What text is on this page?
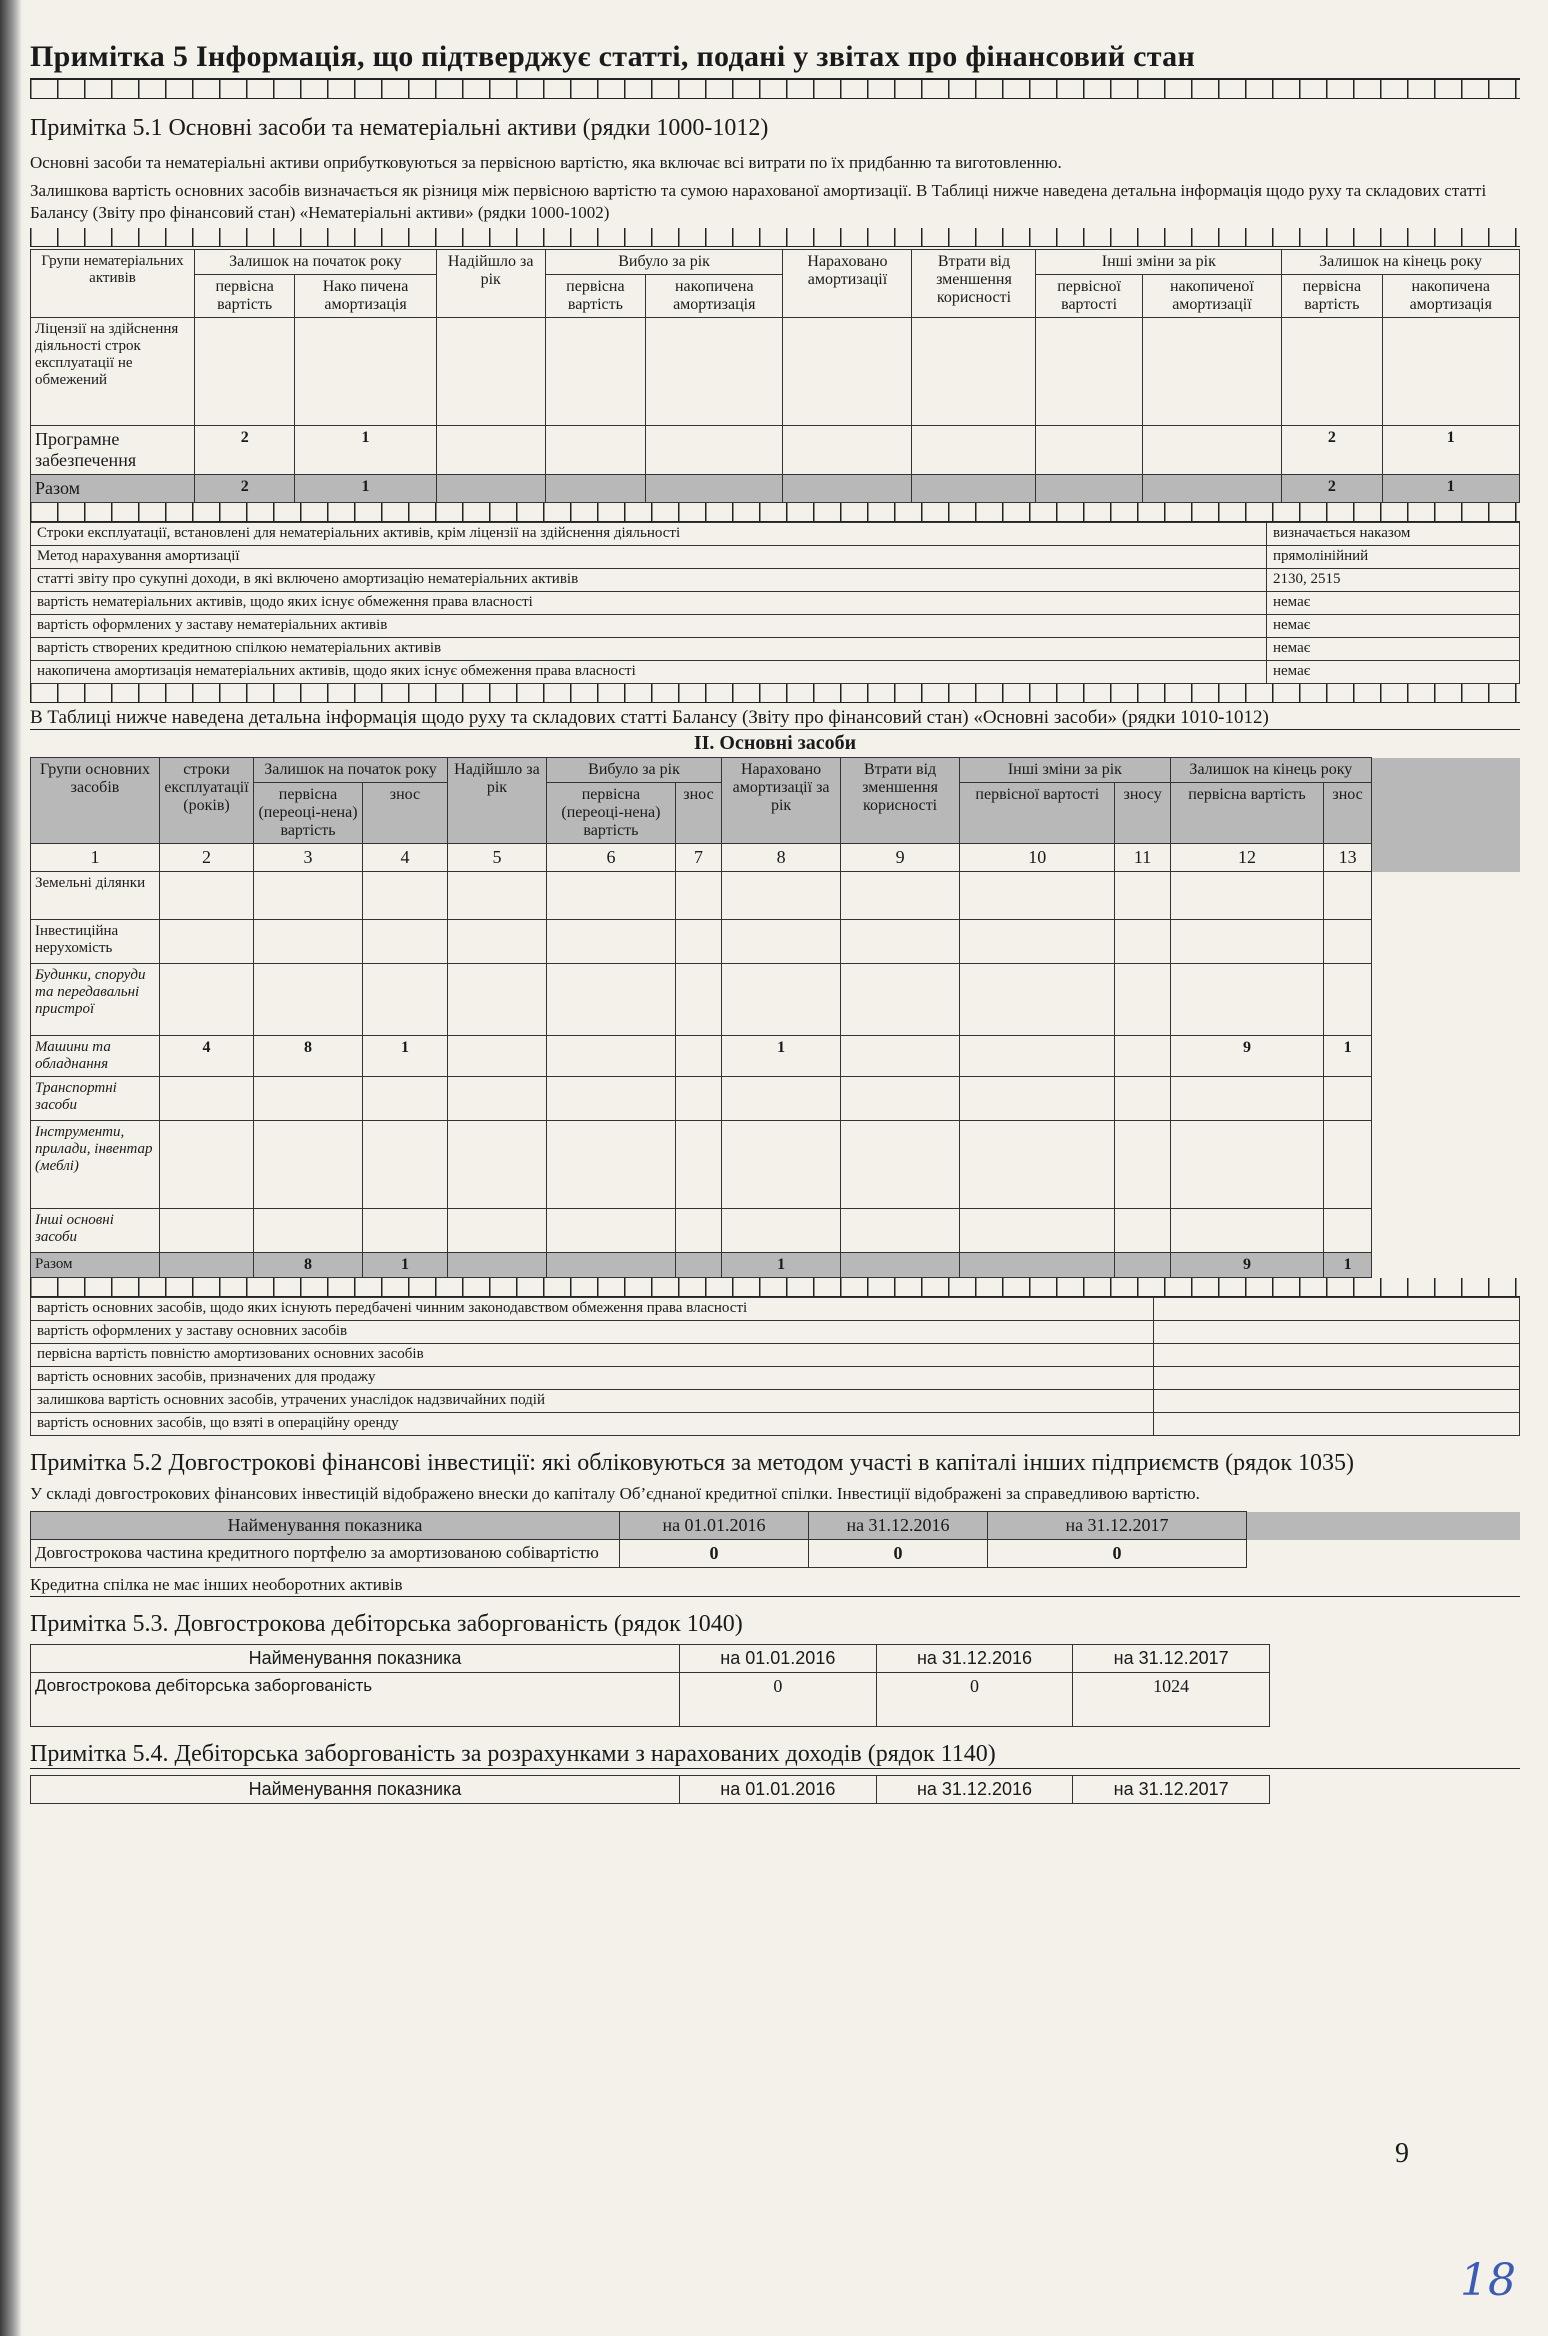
Примітка 5 Інформація, що підтверджує статті, подані у звітах про фінансовий стан
Примітка 5.1 Основні засоби та нематеріальні активи (рядки 1000-1012)
Основні засоби та нематеріальні активи оприбутковуються за первісною вартістю, яка включає всі витрати по їх придбанню та виготовленню.
Залишкова вартість основних засобів визначається як різниця між первісною вартістю та сумою нарахованої амортизації. В Таблиці нижче наведена детальна інформація щодо руху та складових статті Балансу (Звіту про фінансовий стан) «Нематеріальні активи» (рядки 1000-1002)
Групи нематеріальних активів	Залишок на початок року		Надійшло за рік	Вибуло за рік		Нараховано амортизації	Втрати від зменшення корисності	Інші зміни за рік		Залишок на кінець року	
	первісна вартість	Нако пичена амортизація		первісна вартість	накопичена амортизація			первісної вартості	накопиченої амортизації	первісна вартість	накопичена амортизація
Ліцензії на здійснення діяльності строк експлуатації не обмежений											
Програмне забезпечення	2	1								2	1
Разом	2	1								2	1
Строки експлуатації, встановлені для нематеріальних активів, крім ліцензії на здійснення діяльності	визначається наказом
Метод нарахування амортизації	прямолінійний
статті звіту про сукупні доходи, в які включено амортизацію нематеріальних активів	2130, 2515
вартість нематеріальних активів, щодо яких існує обмеження права власності	немає
вартість оформлених у заставу нематеріальних активів	немає
вартість створених кредитною спілкою нематеріальних активів	немає
накопичена амортизація нематеріальних активів, щодо яких існує обмеження права власності	немає
В Таблиці нижче наведена детальна інформація щодо руху та складових статті Балансу (Звіту про фінансовий стан) «Основні засоби» (рядки 1010-1012)
ІІ. Основні засоби
Групи основних засобів	строки експлуатації (років)	Залишок на початок року		Надійшло за рік	Вибуло за рік		Нараховано амортизації за рік	Втрати від зменшення корисності	Інші зміни за рік		Залишок на кінець року		
		первісна (переоці-нена) вартість	знос		первісна (переоці-нена) вартість	знос			первісної вартості	зносу	первісна вартість	знос	
1	2	3	4	5	6	7	8	9	10	11	12	13	
Земельні ділянки													
Інвестиційна нерухомість													
Будинки, споруди та передавальні пристрої													
Машини та обладнання	4	8	1				1				9	1	
Транспортні засоби													
Інструменти, прилади, інвентар (меблі)													
Інші основні засоби													
Разом		8	1				1				9	1	
вартість основних засобів, щодо яких існують передбачені чинним законодавством обмеження права власності	
вартість оформлених у заставу основних засобів	
первісна вартість повністю амортизованих основних засобів	
вартість основних засобів, призначених для продажу	
залишкова вартість основних засобів, утрачених унаслідок надзвичайних подій	
вартість основних засобів, що взяті в операційну оренду	
Примітка 5.2 Довгострокові фінансові інвестиції: які обліковуються за методом участі в капіталі інших підприємств (рядок 1035)
У складі довгострокових фінансових інвестицій відображено внески до капіталу Об’єднаної кредитної спілки. Інвестиції відображені за справедливою вартістю.
Найменування показника	на 01.01.2016	на 31.12.2016	на 31.12.2017	
Довгострокова частина кредитного портфелю за амортизованою собівартістю	0	0	0	
Кредитна спілка не має інших необоротних активів
Примітка 5.3. Довгострокова дебіторська заборгованість (рядок 1040)
Найменування показника	на 01.01.2016	на 31.12.2016	на 31.12.2017
Довгострокова дебіторська заборгованість	0	0	1024
Примітка 5.4. Дебіторська заборгованість за розрахунками з нарахованих доходів (рядок 1140)
Найменування показника	на 01.01.2016	на 31.12.2016	на 31.12.2017
9
18
